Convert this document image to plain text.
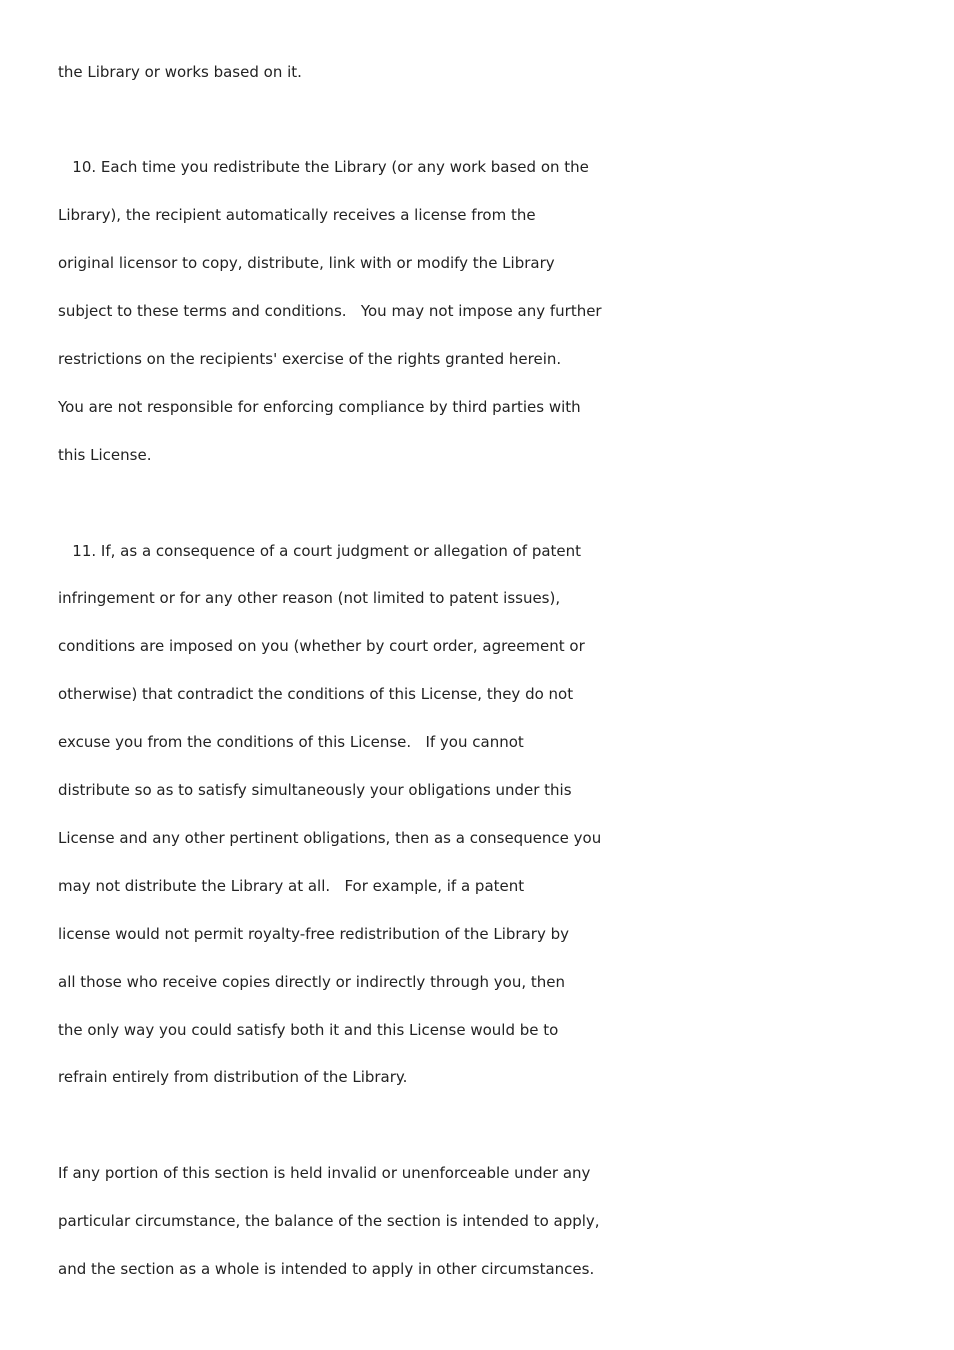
the Library or works based on it.

10. Each time you redistribute the Library (or any work based on the

Library), the recipient automatically receives a license from the

original licensor to copy, distribute, link with or modify the Library

subject to these terms and conditions.   You may not impose any further

restrictions on the recipients' exercise of the rights granted herein.

You are not responsible for enforcing compliance by third parties with

this License.

11. If, as a consequence of a court judgment or allegation of patent

infringement or for any other reason (not limited to patent issues),

conditions are imposed on you (whether by court order, agreement or

otherwise) that contradict the conditions of this License, they do not

excuse you from the conditions of this License.   If you cannot

distribute so as to satisfy simultaneously your obligations under this

License and any other pertinent obligations, then as a consequence you

may not distribute the Library at all.   For example, if a patent

license would not permit royalty-free redistribution of the Library by

all those who receive copies directly or indirectly through you, then

the only way you could satisfy both it and this License would be to

refrain entirely from distribution of the Library.

If any portion of this section is held invalid or unenforceable under any

particular circumstance, the balance of the section is intended to apply,

and the section as a whole is intended to apply in other circumstances.
